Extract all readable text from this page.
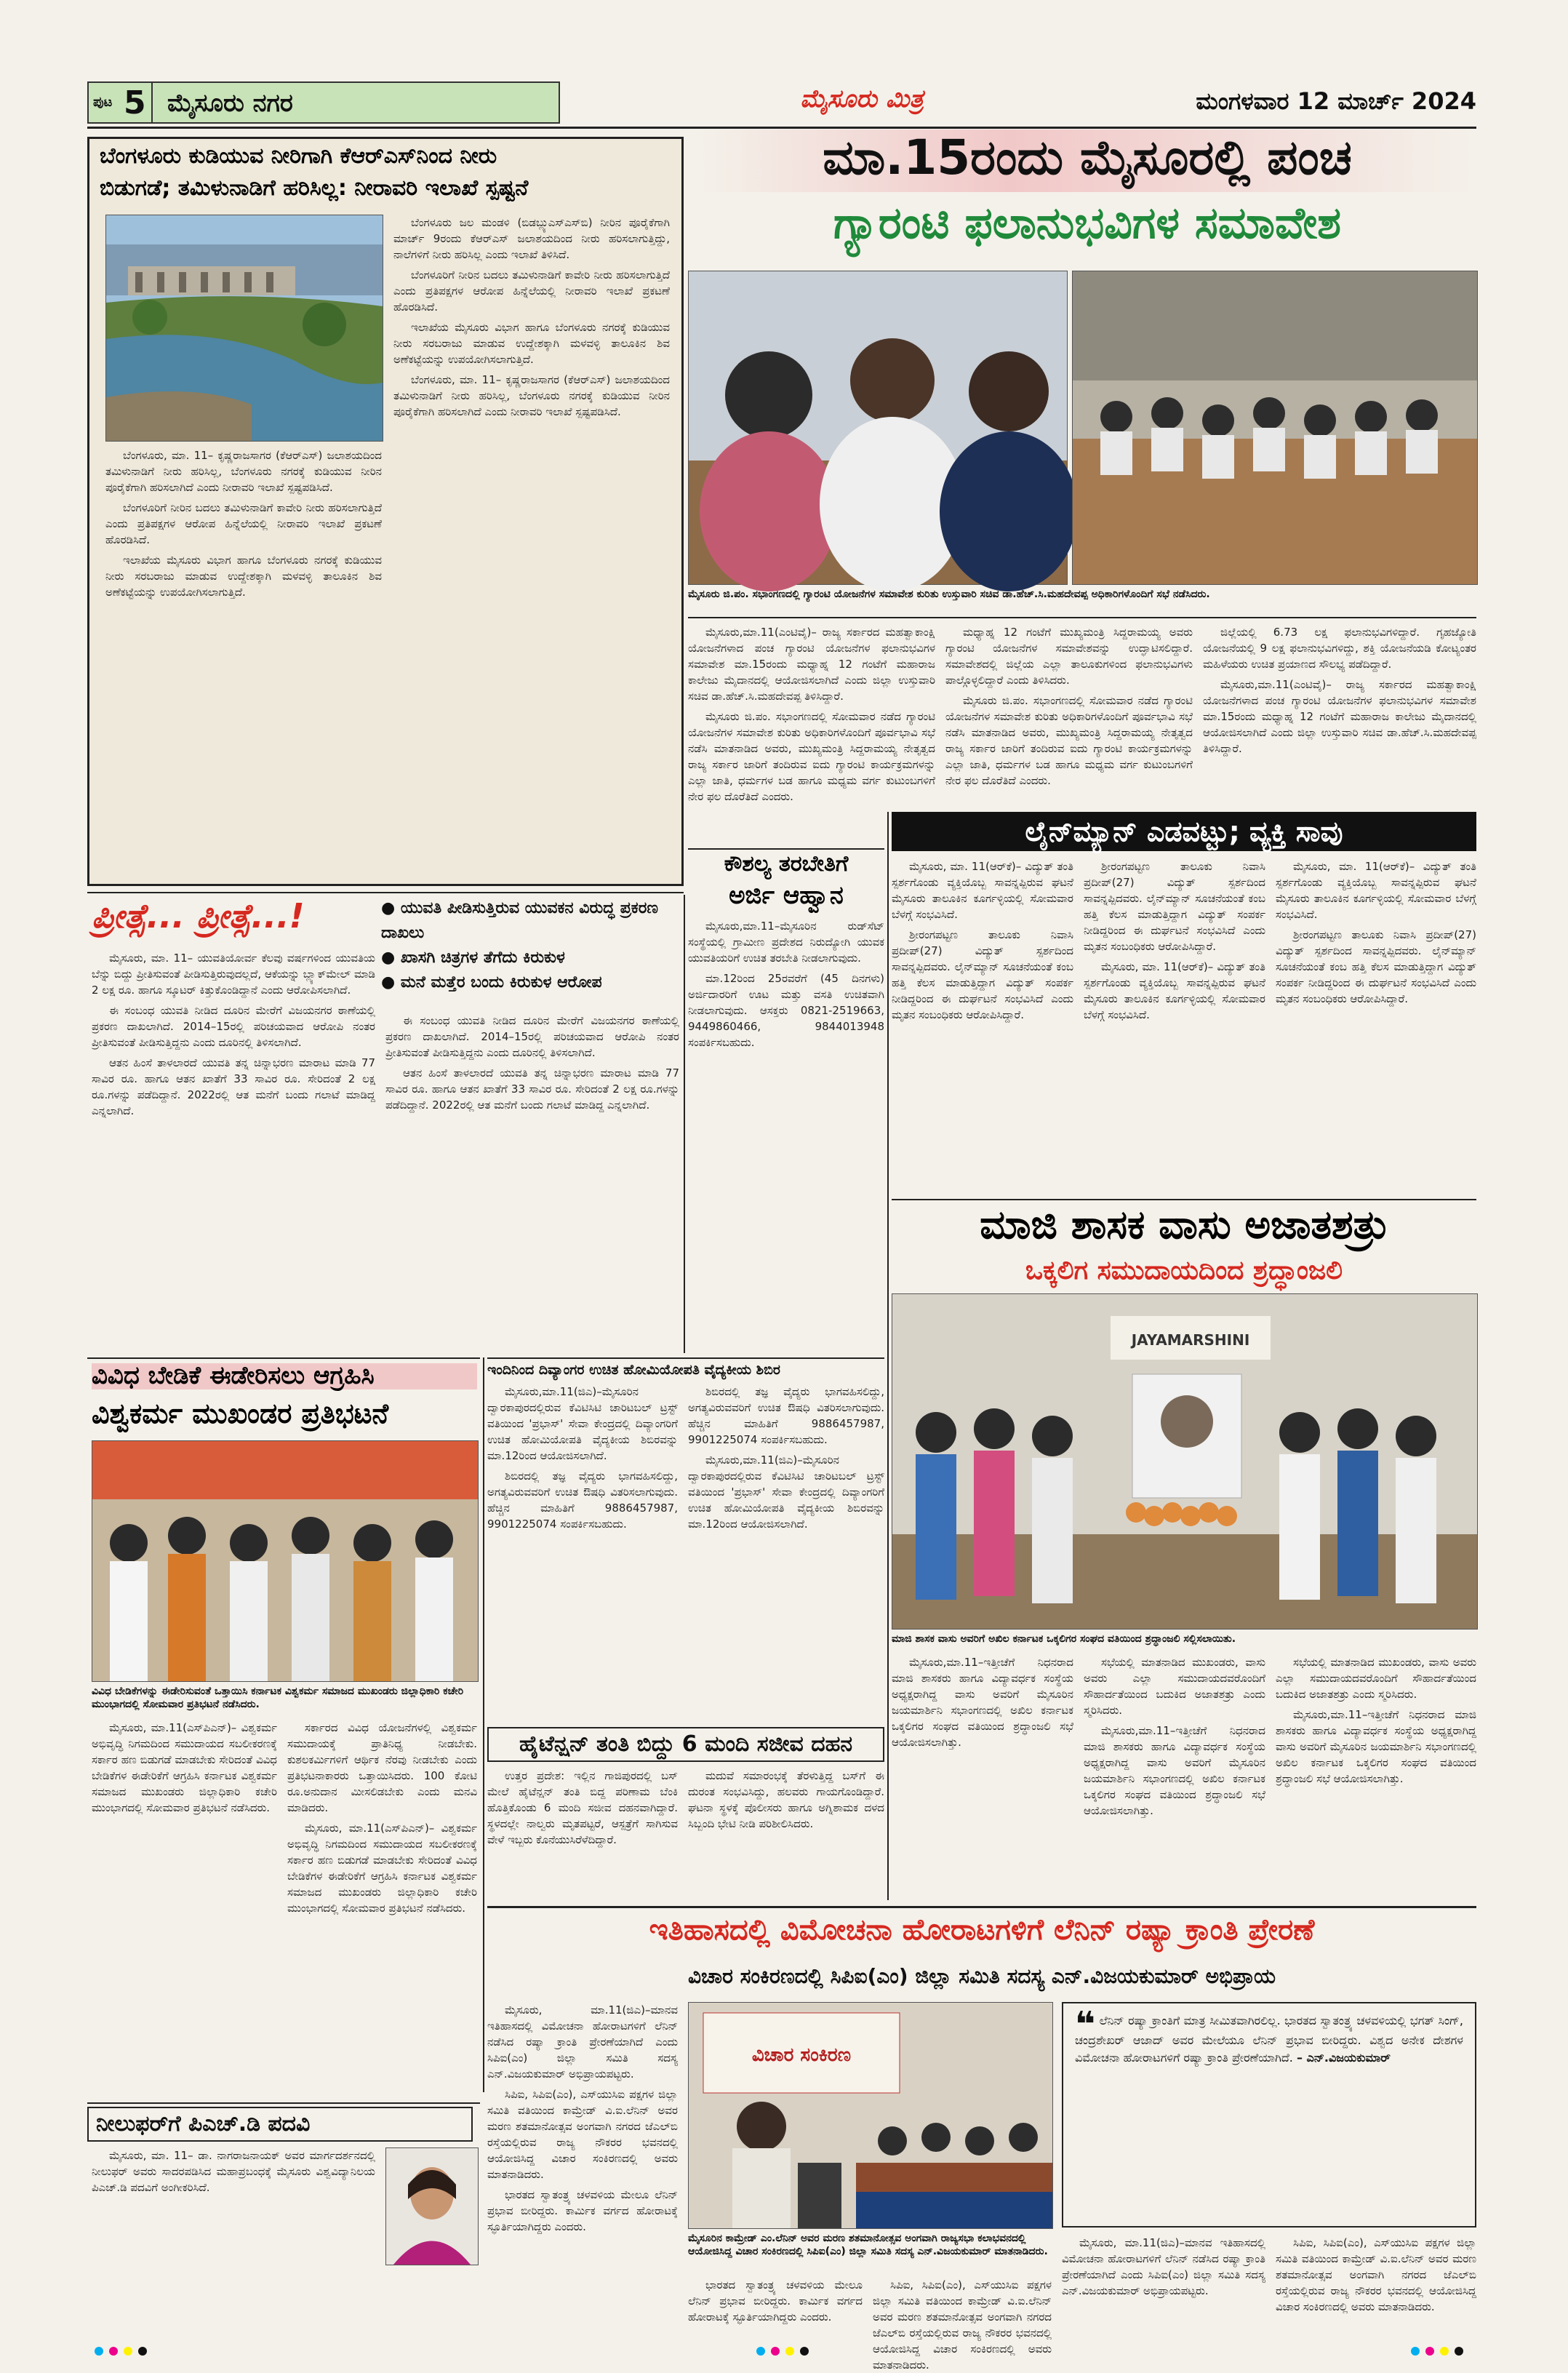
ಪುಟ 5 ಮೈಸೂರು ನಗರ	ಮೈಸೂರು ಮಿತ್ರ	ಮಂಗಳವಾರ 12 ಮಾರ್ಚ್ 2024
ಬೆಂಗಳೂರು ಕುಡಿಯುವ ನೀರಿಗಾಗಿ ಕೆಆರ್‌ಎಸ್‌ನಿಂದ ನೀರು
ಬಿಡುಗಡೆ; ತಮಿಳುನಾಡಿಗೆ ಹರಿಸಿಲ್ಲ: ನೀರಾವರಿ ಇಲಾಖೆ ಸ್ಪಷ್ಟನೆ

ಬೆಂಗಳೂರು, ಮಾ. 11– ಕೃಷ್ಣರಾಜಸಾಗರ (ಕೆಆರ್‌ಎಸ್) ಜಲಾಶಯದಿಂದ ತಮಿಳುನಾಡಿಗೆ ನೀರು ಹರಿಸಿಲ್ಲ, ಬೆಂಗಳೂರು ನಗರಕ್ಕೆ ಕುಡಿಯುವ ನೀರಿನ ಪೂರೈಕೆಗಾಗಿ ಹರಿಸಲಾಗಿದೆ ಎಂದು ನೀರಾವರಿ ಇಲಾಖೆ ಸ್ಪಷ್ಟಪಡಿಸಿದೆ.

ಬೆಂಗಳೂರಿಗೆ ನೀರಿನ ಬದಲು ತಮಿಳುನಾಡಿಗೆ ಕಾವೇರಿ ನೀರು ಹರಿಸಲಾಗುತ್ತಿದೆ ಎಂದು ಪ್ರತಿಪಕ್ಷಗಳ ಆರೋಪ ಹಿನ್ನೆಲೆಯಲ್ಲಿ ನೀರಾವರಿ ಇಲಾಖೆ ಪ್ರಕಟಣೆ ಹೊರಡಿಸಿದೆ.

ಇಲಾಖೆಯ ಮೈಸೂರು ವಿಭಾಗ ಹಾಗೂ ಬೆಂಗಳೂರು ನಗರಕ್ಕೆ ಕುಡಿಯುವ ನೀರು ಸರಬರಾಜು ಮಾಡುವ ಉದ್ದೇಶಕ್ಕಾಗಿ ಮಳವಳ್ಳಿ ತಾಲೂಕಿನ ಶಿವ ಅಣೆಕಟ್ಟೆಯನ್ನು ಉಪಯೋಗಿಸಲಾಗುತ್ತಿದೆ.

ಬೆಂಗಳೂರು ಜಲ ಮಂಡಳಿ (ಬಿಡಬ್ಲ್ಯುಎಸ್‌ಎಸ್‌ಬಿ) ನೀರಿನ ಪೂರೈಕೆಗಾಗಿ ಮಾರ್ಚ್ 9ರಂದು ಕೆಆರ್‌ಎಸ್ ಜಲಾಶಯದಿಂದ ನೀರು ಹರಿಸಲಾಗುತ್ತಿದ್ದು, ನಾಲೆಗಳಿಗೆ ನೀರು ಹರಿಸಿಲ್ಲ ಎಂದು ಇಲಾಖೆ ತಿಳಿಸಿದೆ.

ಬೆಂಗಳೂರಿಗೆ ನೀರಿನ ಬದಲು ತಮಿಳುನಾಡಿಗೆ ಕಾವೇರಿ ನೀರು ಹರಿಸಲಾಗುತ್ತಿದೆ ಎಂದು ಪ್ರತಿಪಕ್ಷಗಳ ಆರೋಪ ಹಿನ್ನೆಲೆಯಲ್ಲಿ ನೀರಾವರಿ ಇಲಾಖೆ ಪ್ರಕಟಣೆ ಹೊರಡಿಸಿದೆ.

ಇಲಾಖೆಯ ಮೈಸೂರು ವಿಭಾಗ ಹಾಗೂ ಬೆಂಗಳೂರು ನಗರಕ್ಕೆ ಕುಡಿಯುವ ನೀರು ಸರಬರಾಜು ಮಾಡುವ ಉದ್ದೇಶಕ್ಕಾಗಿ ಮಳವಳ್ಳಿ ತಾಲೂಕಿನ ಶಿವ ಅಣೆಕಟ್ಟೆಯನ್ನು ಉಪಯೋಗಿಸಲಾಗುತ್ತಿದೆ.

ಬೆಂಗಳೂರು, ಮಾ. 11– ಕೃಷ್ಣರಾಜಸಾಗರ (ಕೆಆರ್‌ಎಸ್) ಜಲಾಶಯದಿಂದ ತಮಿಳುನಾಡಿಗೆ ನೀರು ಹರಿಸಿಲ್ಲ, ಬೆಂಗಳೂರು ನಗರಕ್ಕೆ ಕುಡಿಯುವ ನೀರಿನ ಪೂರೈಕೆಗಾಗಿ ಹರಿಸಲಾಗಿದೆ ಎಂದು ನೀರಾವರಿ ಇಲಾಖೆ ಸ್ಪಷ್ಟಪಡಿಸಿದೆ.

ಮಾ.15ರಂದು ಮೈಸೂರಲ್ಲಿ ಪಂಚ
ಗ್ಯಾರಂಟಿ ಫಲಾನುಭವಿಗಳ ಸಮಾವೇಶ
ಮೈಸೂರು ಜಿ.ಪಂ. ಸಭಾಂಗಣದಲ್ಲಿ ಗ್ಯಾರಂಟಿ ಯೋಜನೆಗಳ ಸಮಾವೇಶ ಕುರಿತು ಉಸ್ತುವಾರಿ ಸಚಿವ ಡಾ.ಹೆಚ್.ಸಿ.ಮಹದೇವಪ್ಪ ಅಧಿಕಾರಿಗಳೊಂದಿಗೆ ಸಭೆ ನಡೆಸಿದರು.

ಮೈಸೂರು,ಮಾ.11(ಎಂಟಿವೈ)– ರಾಜ್ಯ ಸರ್ಕಾರದ ಮಹತ್ವಾಕಾಂಕ್ಷಿ ಯೋಜನೆಗಳಾದ ಪಂಚ ಗ್ಯಾರಂಟಿ ಯೋಜನೆಗಳ ಫಲಾನುಭವಿಗಳ ಸಮಾವೇಶ ಮಾ.15ರಂದು ಮಧ್ಯಾಹ್ನ 12 ಗಂಟೆಗೆ ಮಹಾರಾಜ ಕಾಲೇಜು ಮೈದಾನದಲ್ಲಿ ಆಯೋಜಿಸಲಾಗಿದೆ ಎಂದು ಜಿಲ್ಲಾ ಉಸ್ತುವಾರಿ ಸಚಿವ ಡಾ.ಹೆಚ್.ಸಿ.ಮಹದೇವಪ್ಪ ತಿಳಿಸಿದ್ದಾರೆ.

ಮೈಸೂರು ಜಿ.ಪಂ. ಸಭಾಂಗಣದಲ್ಲಿ ಸೋಮವಾರ ನಡೆದ ಗ್ಯಾರಂಟಿ ಯೋಜನೆಗಳ ಸಮಾವೇಶ ಕುರಿತು ಅಧಿಕಾರಿಗಳೊಂದಿಗೆ ಪೂರ್ವಭಾವಿ ಸಭೆ ನಡೆಸಿ ಮಾತನಾಡಿದ ಅವರು, ಮುಖ್ಯಮಂತ್ರಿ ಸಿದ್ದರಾಮಯ್ಯ ನೇತೃತ್ವದ ರಾಜ್ಯ ಸರ್ಕಾರ ಜಾರಿಗೆ ತಂದಿರುವ ಐದು ಗ್ಯಾರಂಟಿ ಕಾರ್ಯಕ್ರಮಗಳನ್ನು ಎಲ್ಲಾ ಜಾತಿ, ಧರ್ಮಗಳ ಬಡ ಹಾಗೂ ಮಧ್ಯಮ ವರ್ಗ ಕುಟುಂಬಗಳಿಗೆ ನೇರ ಫಲ ದೊರೆತಿದೆ ಎಂದರು.

ಮಧ್ಯಾಹ್ನ 12 ಗಂಟೆಗೆ ಮುಖ್ಯಮಂತ್ರಿ ಸಿದ್ದರಾಮಯ್ಯ ಅವರು ಗ್ಯಾರಂಟಿ ಯೋಜನೆಗಳ ಸಮಾವೇಶವನ್ನು ಉದ್ಘಾಟಿಸಲಿದ್ದಾರೆ. ಸಮಾವೇಶದಲ್ಲಿ ಜಿಲ್ಲೆಯ ಎಲ್ಲಾ ತಾಲೂಕುಗಳಿಂದ ಫಲಾನುಭವಿಗಳು ಪಾಲ್ಗೊಳ್ಳಲಿದ್ದಾರೆ ಎಂದು ತಿಳಿಸಿದರು.

ಮೈಸೂರು ಜಿ.ಪಂ. ಸಭಾಂಗಣದಲ್ಲಿ ಸೋಮವಾರ ನಡೆದ ಗ್ಯಾರಂಟಿ ಯೋಜನೆಗಳ ಸಮಾವೇಶ ಕುರಿತು ಅಧಿಕಾರಿಗಳೊಂದಿಗೆ ಪೂರ್ವಭಾವಿ ಸಭೆ ನಡೆಸಿ ಮಾತನಾಡಿದ ಅವರು, ಮುಖ್ಯಮಂತ್ರಿ ಸಿದ್ದರಾಮಯ್ಯ ನೇತೃತ್ವದ ರಾಜ್ಯ ಸರ್ಕಾರ ಜಾರಿಗೆ ತಂದಿರುವ ಐದು ಗ್ಯಾರಂಟಿ ಕಾರ್ಯಕ್ರಮಗಳನ್ನು ಎಲ್ಲಾ ಜಾತಿ, ಧರ್ಮಗಳ ಬಡ ಹಾಗೂ ಮಧ್ಯಮ ವರ್ಗ ಕುಟುಂಬಗಳಿಗೆ ನೇರ ಫಲ ದೊರೆತಿದೆ ಎಂದರು.

ಜಿಲ್ಲೆಯಲ್ಲಿ 6.73 ಲಕ್ಷ ಫಲಾನುಭವಿಗಳಿದ್ದಾರೆ. ಗೃಹಜ್ಯೋತಿ ಯೋಜನೆಯಲ್ಲಿ 9 ಲಕ್ಷ ಫಲಾನುಭವಿಗಳಿದ್ದು, ಶಕ್ತಿ ಯೋಜನೆಯಡಿ ಕೋಟ್ಯಂತರ ಮಹಿಳೆಯರು ಉಚಿತ ಪ್ರಯಾಣದ ಸೌಲಭ್ಯ ಪಡೆದಿದ್ದಾರೆ.

ಮೈಸೂರು,ಮಾ.11(ಎಂಟಿವೈ)– ರಾಜ್ಯ ಸರ್ಕಾರದ ಮಹತ್ವಾಕಾಂಕ್ಷಿ ಯೋಜನೆಗಳಾದ ಪಂಚ ಗ್ಯಾರಂಟಿ ಯೋಜನೆಗಳ ಫಲಾನುಭವಿಗಳ ಸಮಾವೇಶ ಮಾ.15ರಂದು ಮಧ್ಯಾಹ್ನ 12 ಗಂಟೆಗೆ ಮಹಾರಾಜ ಕಾಲೇಜು ಮೈದಾನದಲ್ಲಿ ಆಯೋಜಿಸಲಾಗಿದೆ ಎಂದು ಜಿಲ್ಲಾ ಉಸ್ತುವಾರಿ ಸಚಿವ ಡಾ.ಹೆಚ್.ಸಿ.ಮಹದೇವಪ್ಪ ತಿಳಿಸಿದ್ದಾರೆ.

ಕೌಶಲ್ಯ ತರಬೇತಿಗೆ
ಅರ್ಜಿ ಆಹ್ವಾನ

ಮೈಸೂರು,ಮಾ.11–ಮೈಸೂರಿನ ರುಡ್‌ಸೆಟ್ ಸಂಸ್ಥೆಯಲ್ಲಿ ಗ್ರಾಮೀಣ ಪ್ರದೇಶದ ನಿರುದ್ಯೋಗಿ ಯುವಕ ಯುವತಿಯರಿಗೆ ಉಚಿತ ತರಬೇತಿ ನೀಡಲಾಗುವುದು.

ಮಾ.12ರಿಂದ 25ರವರೆಗೆ (45 ದಿನಗಳು) ಅರ್ಜಿದಾರರಿಗೆ ಊಟ ಮತ್ತು ವಸತಿ ಉಚಿತವಾಗಿ ನೀಡಲಾಗುವುದು. ಆಸಕ್ತರು 0821-2519663, 9449860466, 9844013948 ಸಂಪರ್ಕಿಸಬಹುದು.

ಲೈನ್‌ಮ್ಯಾನ್ ಎಡವಟ್ಟು; ವ್ಯಕ್ತಿ ಸಾವು

ಮೈಸೂರು, ಮಾ. 11(ಆರ್‌ಕೆ)– ವಿದ್ಯುತ್ ತಂತಿ ಸ್ಪರ್ಶಗೊಂಡು ವ್ಯಕ್ತಿಯೊಬ್ಬ ಸಾವನ್ನಪ್ಪಿರುವ ಘಟನೆ ಮೈಸೂರು ತಾಲೂಕಿನ ಕೂರ್ಗಳ್ಳಿಯಲ್ಲಿ ಸೋಮವಾರ ಬೆಳಗ್ಗೆ ಸಂಭವಿಸಿದೆ.

ಶ್ರೀರಂಗಪಟ್ಟಣ ತಾಲೂಕು ನಿವಾಸಿ ಪ್ರದೀಪ್(27) ವಿದ್ಯುತ್ ಸ್ಪರ್ಶದಿಂದ ಸಾವನ್ನಪ್ಪಿದವರು. ಲೈನ್‌ಮ್ಯಾನ್ ಸೂಚನೆಯಂತೆ ಕಂಬ ಹತ್ತಿ ಕೆಲಸ ಮಾಡುತ್ತಿದ್ದಾಗ ವಿದ್ಯುತ್ ಸಂಪರ್ಕ ನೀಡಿದ್ದರಿಂದ ಈ ದುರ್ಘಟನೆ ಸಂಭವಿಸಿದೆ ಎಂದು ಮೃತನ ಸಂಬಂಧಿಕರು ಆರೋಪಿಸಿದ್ದಾರೆ.

ಶ್ರೀರಂಗಪಟ್ಟಣ ತಾಲೂಕು ನಿವಾಸಿ ಪ್ರದೀಪ್(27) ವಿದ್ಯುತ್ ಸ್ಪರ್ಶದಿಂದ ಸಾವನ್ನಪ್ಪಿದವರು. ಲೈನ್‌ಮ್ಯಾನ್ ಸೂಚನೆಯಂತೆ ಕಂಬ ಹತ್ತಿ ಕೆಲಸ ಮಾಡುತ್ತಿದ್ದಾಗ ವಿದ್ಯುತ್ ಸಂಪರ್ಕ ನೀಡಿದ್ದರಿಂದ ಈ ದುರ್ಘಟನೆ ಸಂಭವಿಸಿದೆ ಎಂದು ಮೃತನ ಸಂಬಂಧಿಕರು ಆರೋಪಿಸಿದ್ದಾರೆ.

ಮೈಸೂರು, ಮಾ. 11(ಆರ್‌ಕೆ)– ವಿದ್ಯುತ್ ತಂತಿ ಸ್ಪರ್ಶಗೊಂಡು ವ್ಯಕ್ತಿಯೊಬ್ಬ ಸಾವನ್ನಪ್ಪಿರುವ ಘಟನೆ ಮೈಸೂರು ತಾಲೂಕಿನ ಕೂರ್ಗಳ್ಳಿಯಲ್ಲಿ ಸೋಮವಾರ ಬೆಳಗ್ಗೆ ಸಂಭವಿಸಿದೆ.

ಮೈಸೂರು, ಮಾ. 11(ಆರ್‌ಕೆ)– ವಿದ್ಯುತ್ ತಂತಿ ಸ್ಪರ್ಶಗೊಂಡು ವ್ಯಕ್ತಿಯೊಬ್ಬ ಸಾವನ್ನಪ್ಪಿರುವ ಘಟನೆ ಮೈಸೂರು ತಾಲೂಕಿನ ಕೂರ್ಗಳ್ಳಿಯಲ್ಲಿ ಸೋಮವಾರ ಬೆಳಗ್ಗೆ ಸಂಭವಿಸಿದೆ.

ಶ್ರೀರಂಗಪಟ್ಟಣ ತಾಲೂಕು ನಿವಾಸಿ ಪ್ರದೀಪ್(27) ವಿದ್ಯುತ್ ಸ್ಪರ್ಶದಿಂದ ಸಾವನ್ನಪ್ಪಿದವರು. ಲೈನ್‌ಮ್ಯಾನ್ ಸೂಚನೆಯಂತೆ ಕಂಬ ಹತ್ತಿ ಕೆಲಸ ಮಾಡುತ್ತಿದ್ದಾಗ ವಿದ್ಯುತ್ ಸಂಪರ್ಕ ನೀಡಿದ್ದರಿಂದ ಈ ದುರ್ಘಟನೆ ಸಂಭವಿಸಿದೆ ಎಂದು ಮೃತನ ಸಂಬಂಧಿಕರು ಆರೋಪಿಸಿದ್ದಾರೆ.

ಮಾಜಿ ಶಾಸಕ ವಾಸು ಅಜಾತಶತ್ರು
ಒಕ್ಕಲಿಗ ಸಮುದಾಯದಿಂದ ಶ್ರದ್ಧಾಂಜಲಿ
JAYAMARSHINI
ಮಾಜಿ ಶಾಸಕ ವಾಸು ಅವರಿಗೆ ಅಖಿಲ ಕರ್ನಾಟಕ ಒಕ್ಕಲಿಗರ ಸಂಘದ ವತಿಯಿಂದ ಶ್ರದ್ಧಾಂಜಲಿ ಸಲ್ಲಿಸಲಾಯಿತು.

ಮೈಸೂರು,ಮಾ.11–ಇತ್ತೀಚೆಗೆ ನಿಧನರಾದ ಮಾಜಿ ಶಾಸಕರು ಹಾಗೂ ವಿದ್ಯಾವರ್ಧಕ ಸಂಸ್ಥೆಯ ಅಧ್ಯಕ್ಷರಾಗಿದ್ದ ವಾಸು ಅವರಿಗೆ ಮೈಸೂರಿನ ಜಯಮಾರ್ಶಿನಿ ಸಭಾಂಗಣದಲ್ಲಿ ಅಖಿಲ ಕರ್ನಾಟಕ ಒಕ್ಕಲಿಗರ ಸಂಘದ ವತಿಯಿಂದ ಶ್ರದ್ಧಾಂಜಲಿ ಸಭೆ ಆಯೋಜಿಸಲಾಗಿತ್ತು.

ಸಭೆಯಲ್ಲಿ ಮಾತನಾಡಿದ ಮುಖಂಡರು, ವಾಸು ಅವರು ಎಲ್ಲಾ ಸಮುದಾಯದವರೊಂದಿಗೆ ಸೌಹಾರ್ದತೆಯಿಂದ ಬದುಕಿದ ಅಜಾತಶತ್ರು ಎಂದು ಸ್ಮರಿಸಿದರು.

ಮೈಸೂರು,ಮಾ.11–ಇತ್ತೀಚೆಗೆ ನಿಧನರಾದ ಮಾಜಿ ಶಾಸಕರು ಹಾಗೂ ವಿದ್ಯಾವರ್ಧಕ ಸಂಸ್ಥೆಯ ಅಧ್ಯಕ್ಷರಾಗಿದ್ದ ವಾಸು ಅವರಿಗೆ ಮೈಸೂರಿನ ಜಯಮಾರ್ಶಿನಿ ಸಭಾಂಗಣದಲ್ಲಿ ಅಖಿಲ ಕರ್ನಾಟಕ ಒಕ್ಕಲಿಗರ ಸಂಘದ ವತಿಯಿಂದ ಶ್ರದ್ಧಾಂಜಲಿ ಸಭೆ ಆಯೋಜಿಸಲಾಗಿತ್ತು.

ಸಭೆಯಲ್ಲಿ ಮಾತನಾಡಿದ ಮುಖಂಡರು, ವಾಸು ಅವರು ಎಲ್ಲಾ ಸಮುದಾಯದವರೊಂದಿಗೆ ಸೌಹಾರ್ದತೆಯಿಂದ ಬದುಕಿದ ಅಜಾತಶತ್ರು ಎಂದು ಸ್ಮರಿಸಿದರು.

ಮೈಸೂರು,ಮಾ.11–ಇತ್ತೀಚೆಗೆ ನಿಧನರಾದ ಮಾಜಿ ಶಾಸಕರು ಹಾಗೂ ವಿದ್ಯಾವರ್ಧಕ ಸಂಸ್ಥೆಯ ಅಧ್ಯಕ್ಷರಾಗಿದ್ದ ವಾಸು ಅವರಿಗೆ ಮೈಸೂರಿನ ಜಯಮಾರ್ಶಿನಿ ಸಭಾಂಗಣದಲ್ಲಿ ಅಖಿಲ ಕರ್ನಾಟಕ ಒಕ್ಕಲಿಗರ ಸಂಘದ ವತಿಯಿಂದ ಶ್ರದ್ಧಾಂಜಲಿ ಸಭೆ ಆಯೋಜಿಸಲಾಗಿತ್ತು.

ಪ್ರೀತ್ಸೆ... ಪ್ರೀತ್ಸೆ...!	● ಯುವತಿ ಪೀಡಿಸುತ್ತಿರುವ ಯುವಕನ ವಿರುದ್ಧ ಪ್ರಕರಣ ದಾಖಲು
● ಖಾಸಗಿ ಚಿತ್ರಗಳ ತೆಗೆದು ಕಿರುಕುಳ
● ಮನೆ ಮತ್ತೆರ ಬಂದು ಕಿರುಕುಳ ಆರೋಪ

ಮೈಸೂರು, ಮಾ. 11– ಯುವತಿಯೋರ್ವ ಕೆಲವು ವರ್ಷಗಳಿಂದ ಯುವತಿಯ ಬೆನ್ನು ಬಿದ್ದು ಪ್ರೀತಿಸುವಂತೆ ಪೀಡಿಸುತ್ತಿರುವುದಲ್ಲದೆ, ಆಕೆಯನ್ನು ಬ್ಲ್ಯಾಕ್‌ಮೇಲ್ ಮಾಡಿ 2 ಲಕ್ಷ ರೂ. ಹಾಗೂ ಸ್ಕೂಟರ್ ಕಿತ್ತುಕೊಂಡಿದ್ದಾನೆ ಎಂದು ಆರೋಪಿಸಲಾಗಿದೆ.

ಈ ಸಂಬಂಧ ಯುವತಿ ನೀಡಿದ ದೂರಿನ ಮೇರೆಗೆ ವಿಜಯನಗರ ಠಾಣೆಯಲ್ಲಿ ಪ್ರಕರಣ ದಾಖಲಾಗಿದೆ. 2014–15ರಲ್ಲಿ ಪರಿಚಯವಾದ ಆರೋಪಿ ನಂತರ ಪ್ರೀತಿಸುವಂತೆ ಪೀಡಿಸುತ್ತಿದ್ದನು ಎಂದು ದೂರಿನಲ್ಲಿ ತಿಳಿಸಲಾಗಿದೆ.

ಆತನ ಹಿಂಸೆ ತಾಳಲಾರದೆ ಯುವತಿ ತನ್ನ ಚಿನ್ನಾಭರಣ ಮಾರಾಟ ಮಾಡಿ 77 ಸಾವಿರ ರೂ. ಹಾಗೂ ಆತನ ಖಾತೆಗೆ 33 ಸಾವಿರ ರೂ. ಸೇರಿದಂತೆ 2 ಲಕ್ಷ ರೂ.ಗಳನ್ನು ಪಡೆದಿದ್ದಾನೆ. 2022ರಲ್ಲಿ ಆತ ಮನೆಗೆ ಬಂದು ಗಲಾಟೆ ಮಾಡಿದ್ದ ಎನ್ನಲಾಗಿದೆ.

ಈ ಸಂಬಂಧ ಯುವತಿ ನೀಡಿದ ದೂರಿನ ಮೇರೆಗೆ ವಿಜಯನಗರ ಠಾಣೆಯಲ್ಲಿ ಪ್ರಕರಣ ದಾಖಲಾಗಿದೆ. 2014–15ರಲ್ಲಿ ಪರಿಚಯವಾದ ಆರೋಪಿ ನಂತರ ಪ್ರೀತಿಸುವಂತೆ ಪೀಡಿಸುತ್ತಿದ್ದನು ಎಂದು ದೂರಿನಲ್ಲಿ ತಿಳಿಸಲಾಗಿದೆ.

ಆತನ ಹಿಂಸೆ ತಾಳಲಾರದೆ ಯುವತಿ ತನ್ನ ಚಿನ್ನಾಭರಣ ಮಾರಾಟ ಮಾಡಿ 77 ಸಾವಿರ ರೂ. ಹಾಗೂ ಆತನ ಖಾತೆಗೆ 33 ಸಾವಿರ ರೂ. ಸೇರಿದಂತೆ 2 ಲಕ್ಷ ರೂ.ಗಳನ್ನು ಪಡೆದಿದ್ದಾನೆ. 2022ರಲ್ಲಿ ಆತ ಮನೆಗೆ ಬಂದು ಗಲಾಟೆ ಮಾಡಿದ್ದ ಎನ್ನಲಾಗಿದೆ.

ವಿವಿಧ ಬೇಡಿಕೆ ಈಡೇರಿಸಲು ಆಗ್ರಹಿಸಿ
ವಿಶ್ವಕರ್ಮ ಮುಖಂಡರ ಪ್ರತಿಭಟನೆ
ವಿವಿಧ ಬೇಡಿಕೆಗಳನ್ನು ಈಡೇರಿಸುವಂತೆ ಒತ್ತಾಯಿಸಿ ಕರ್ನಾಟಕ ವಿಶ್ವಕರ್ಮ ಸಮಾಜದ ಮುಖಂಡರು ಜಿಲ್ಲಾಧಿಕಾರಿ ಕಚೇರಿ ಮುಂಭಾಗದಲ್ಲಿ ಸೋಮವಾರ ಪ್ರತಿಭಟನೆ ನಡೆಸಿದರು.

ಮೈಸೂರು, ಮಾ.11(ಎಸ್‌ಪಿಎನ್)– ವಿಶ್ವಕರ್ಮ ಅಭಿವೃದ್ಧಿ ನಿಗಮದಿಂದ ಸಮುದಾಯದ ಸಬಲೀಕರಣಕ್ಕೆ ಸರ್ಕಾರ ಹಣ ಬಿಡುಗಡೆ ಮಾಡಬೇಕು ಸೇರಿದಂತೆ ವಿವಿಧ ಬೇಡಿಕೆಗಳ ಈಡೇರಿಕೆಗೆ ಆಗ್ರಹಿಸಿ ಕರ್ನಾಟಕ ವಿಶ್ವಕರ್ಮ ಸಮಾಜದ ಮುಖಂಡರು ಜಿಲ್ಲಾಧಿಕಾರಿ ಕಚೇರಿ ಮುಂಭಾಗದಲ್ಲಿ ಸೋಮವಾರ ಪ್ರತಿಭಟನೆ ನಡೆಸಿದರು.

ಸರ್ಕಾರದ ವಿವಿಧ ಯೋಜನೆಗಳಲ್ಲಿ ವಿಶ್ವಕರ್ಮ ಸಮುದಾಯಕ್ಕೆ ಪ್ರಾತಿನಿಧ್ಯ ನೀಡಬೇಕು. ಕುಶಲಕರ್ಮಿಗಳಿಗೆ ಆರ್ಥಿಕ ನೆರವು ನೀಡಬೇಕು ಎಂದು ಪ್ರತಿಭಟನಾಕಾರರು ಒತ್ತಾಯಿಸಿದರು. 100 ಕೋಟಿ ರೂ.ಅನುದಾನ ಮೀಸಲಿಡಬೇಕು ಎಂದು ಮನವಿ ಮಾಡಿದರು.

ಮೈಸೂರು, ಮಾ.11(ಎಸ್‌ಪಿಎನ್)– ವಿಶ್ವಕರ್ಮ ಅಭಿವೃದ್ಧಿ ನಿಗಮದಿಂದ ಸಮುದಾಯದ ಸಬಲೀಕರಣಕ್ಕೆ ಸರ್ಕಾರ ಹಣ ಬಿಡುಗಡೆ ಮಾಡಬೇಕು ಸೇರಿದಂತೆ ವಿವಿಧ ಬೇಡಿಕೆಗಳ ಈಡೇರಿಕೆಗೆ ಆಗ್ರಹಿಸಿ ಕರ್ನಾಟಕ ವಿಶ್ವಕರ್ಮ ಸಮಾಜದ ಮುಖಂಡರು ಜಿಲ್ಲಾಧಿಕಾರಿ ಕಚೇರಿ ಮುಂಭಾಗದಲ್ಲಿ ಸೋಮವಾರ ಪ್ರತಿಭಟನೆ ನಡೆಸಿದರು.

ಇಂದಿನಿಂದ ದಿವ್ಯಾಂಗರ ಉಚಿತ ಹೋಮಿಯೋಪತಿ ವೈದ್ಯಕೀಯ ಶಿಬಿರ

ಮೈಸೂರು,ಮಾ.11(ಜಿಎ)–ಮೈಸೂರಿನ ದ್ವಾರಕಾಪುರದಲ್ಲಿರುವ ಕೆವಿಟಿಸಿಟಿ ಚಾರಿಟಬಲ್ ಟ್ರಸ್ಟ್ ವತಿಯಿಂದ 'ಪ್ರಭಾಸ್' ಸೇವಾ ಕೇಂದ್ರದಲ್ಲಿ ದಿವ್ಯಾಂಗರಿಗೆ ಉಚಿತ ಹೋಮಿಯೋಪತಿ ವೈದ್ಯಕೀಯ ಶಿಬಿರವನ್ನು ಮಾ.12ರಿಂದ ಆಯೋಜಿಸಲಾಗಿದೆ.

ಶಿಬಿರದಲ್ಲಿ ತಜ್ಞ ವೈದ್ಯರು ಭಾಗವಹಿಸಲಿದ್ದು, ಅಗತ್ಯವಿರುವವರಿಗೆ ಉಚಿತ ಔಷಧಿ ವಿತರಿಸಲಾಗುವುದು. ಹೆಚ್ಚಿನ ಮಾಹಿತಿಗೆ 9886457987, 9901225074 ಸಂಪರ್ಕಿಸಬಹುದು.

ಶಿಬಿರದಲ್ಲಿ ತಜ್ಞ ವೈದ್ಯರು ಭಾಗವಹಿಸಲಿದ್ದು, ಅಗತ್ಯವಿರುವವರಿಗೆ ಉಚಿತ ಔಷಧಿ ವಿತರಿಸಲಾಗುವುದು. ಹೆಚ್ಚಿನ ಮಾಹಿತಿಗೆ 9886457987, 9901225074 ಸಂಪರ್ಕಿಸಬಹುದು.

ಮೈಸೂರು,ಮಾ.11(ಜಿಎ)–ಮೈಸೂರಿನ ದ್ವಾರಕಾಪುರದಲ್ಲಿರುವ ಕೆವಿಟಿಸಿಟಿ ಚಾರಿಟಬಲ್ ಟ್ರಸ್ಟ್ ವತಿಯಿಂದ 'ಪ್ರಭಾಸ್' ಸೇವಾ ಕೇಂದ್ರದಲ್ಲಿ ದಿವ್ಯಾಂಗರಿಗೆ ಉಚಿತ ಹೋಮಿಯೋಪತಿ ವೈದ್ಯಕೀಯ ಶಿಬಿರವನ್ನು ಮಾ.12ರಿಂದ ಆಯೋಜಿಸಲಾಗಿದೆ.

ಹೈಟೆನ್ಷನ್ ತಂತಿ ಬಿದ್ದು 6 ಮಂದಿ ಸಜೀವ ದಹನ

ಉತ್ತರ ಪ್ರದೇಶ: ಇಲ್ಲಿನ ಗಾಜಿಪುರದಲ್ಲಿ ಬಸ್ ಮೇಲೆ ಹೈಟೆನ್ಷನ್ ತಂತಿ ಬಿದ್ದ ಪರಿಣಾಮ ಬೆಂಕಿ ಹೊತ್ತಿಕೊಂಡು 6 ಮಂದಿ ಸಜೀವ ದಹನವಾಗಿದ್ದಾರೆ. ಸ್ಥಳದಲ್ಲೇ ನಾಲ್ವರು ಮೃತಪಟ್ಟರೆ, ಆಸ್ಪತ್ರೆಗೆ ಸಾಗಿಸುವ ವೇಳೆ ಇಬ್ಬರು ಕೊನೆಯುಸಿರೆಳೆದಿದ್ದಾರೆ.

ಮದುವೆ ಸಮಾರಂಭಕ್ಕೆ ತೆರಳುತ್ತಿದ್ದ ಬಸ್‌ಗೆ ಈ ದುರಂತ ಸಂಭವಿಸಿದ್ದು, ಹಲವರು ಗಾಯಗೊಂಡಿದ್ದಾರೆ. ಘಟನಾ ಸ್ಥಳಕ್ಕೆ ಪೊಲೀಸರು ಹಾಗೂ ಅಗ್ನಿಶಾಮಕ ದಳದ ಸಿಬ್ಬಂದಿ ಭೇಟಿ ನೀಡಿ ಪರಿಶೀಲಿಸಿದರು.

ಇತಿಹಾಸದಲ್ಲಿ ವಿಮೋಚನಾ ಹೋರಾಟಗಳಿಗೆ ಲೆನಿನ್ ರಷ್ಯಾ ಕ್ರಾಂತಿ ಪ್ರೇರಣೆ
ವಿಚಾರ ಸಂಕಿರಣದಲ್ಲಿ ಸಿಪಿಐ(ಎಂ) ಜಿಲ್ಲಾ ಸಮಿತಿ ಸದಸ್ಯ ಎನ್.ವಿಜಯಕುಮಾರ್ ಅಭಿಪ್ರಾಯ

ಮೈಸೂರು, ಮಾ.11(ಜಿಎ)–ಮಾನವ ಇತಿಹಾಸದಲ್ಲಿ ವಿಮೋಚನಾ ಹೋರಾಟಗಳಿಗೆ ಲೆನಿನ್ ನಡೆಸಿದ ರಷ್ಯಾ ಕ್ರಾಂತಿ ಪ್ರೇರಣೆಯಾಗಿದೆ ಎಂದು ಸಿಪಿಐ(ಎಂ) ಜಿಲ್ಲಾ ಸಮಿತಿ ಸದಸ್ಯ ಎನ್.ವಿಜಯಕುಮಾರ್ ಅಭಿಪ್ರಾಯಪಟ್ಟರು.

ಸಿಪಿಐ, ಸಿಪಿಐ(ಎಂ), ಎಸ್‌ಯುಸಿಐ ಪಕ್ಷಗಳ ಜಿಲ್ಲಾ ಸಮಿತಿ ವತಿಯಿಂದ ಕಾಮ್ರೇಡ್ ವಿ.ಐ.ಲೆನಿನ್ ಅವರ ಮರಣ ಶತಮಾನೋತ್ಸವ ಅಂಗವಾಗಿ ನಗರದ ಜೆಎಲ್‌ಬಿ ರಸ್ತೆಯಲ್ಲಿರುವ ರಾಜ್ಯ ನೌಕರರ ಭವನದಲ್ಲಿ ಆಯೋಜಿಸಿದ್ದ ವಿಚಾರ ಸಂಕಿರಣದಲ್ಲಿ ಅವರು ಮಾತನಾಡಿದರು.

ಭಾರತದ ಸ್ವಾತಂತ್ರ್ಯ ಚಳವಳಿಯ ಮೇಲೂ ಲೆನಿನ್ ಪ್ರಭಾವ ಬೀರಿದ್ದರು. ಕಾರ್ಮಿಕ ವರ್ಗದ ಹೋರಾಟಕ್ಕೆ ಸ್ಫೂರ್ತಿಯಾಗಿದ್ದರು ಎಂದರು.

ವಿಚಾರ ಸಂಕಿರಣ
ಮೈಸೂರಿನ ಕಾಮ್ರೇಡ್ ಎಂ.ಲೆನಿನ್ ಅವರ ಮರಣ ಶತಮಾನೋತ್ಸವ ಅಂಗವಾಗಿ ರಾಜ್ಯಸಭಾ ಕಲಾಭವನದಲ್ಲಿ ಆಯೋಜಿಸಿದ್ದ ವಿಚಾರ ಸಂಕಿರಣದಲ್ಲಿ ಸಿಪಿಐ(ಎಂ) ಜಿಲ್ಲಾ ಸಮಿತಿ ಸದಸ್ಯ ಎನ್.ವಿಜಯಕುಮಾರ್ ಮಾತನಾಡಿದರು.

ಭಾರತದ ಸ್ವಾತಂತ್ರ್ಯ ಚಳವಳಿಯ ಮೇಲೂ ಲೆನಿನ್ ಪ್ರಭಾವ ಬೀರಿದ್ದರು. ಕಾರ್ಮಿಕ ವರ್ಗದ ಹೋರಾಟಕ್ಕೆ ಸ್ಫೂರ್ತಿಯಾಗಿದ್ದರು ಎಂದರು.

ಸಿಪಿಐ, ಸಿಪಿಐ(ಎಂ), ಎಸ್‌ಯುಸಿಐ ಪಕ್ಷಗಳ ಜಿಲ್ಲಾ ಸಮಿತಿ ವತಿಯಿಂದ ಕಾಮ್ರೇಡ್ ವಿ.ಐ.ಲೆನಿನ್ ಅವರ ಮರಣ ಶತಮಾನೋತ್ಸವ ಅಂಗವಾಗಿ ನಗರದ ಜೆಎಲ್‌ಬಿ ರಸ್ತೆಯಲ್ಲಿರುವ ರಾಜ್ಯ ನೌಕರರ ಭವನದಲ್ಲಿ ಆಯೋಜಿಸಿದ್ದ ವಿಚಾರ ಸಂಕಿರಣದಲ್ಲಿ ಅವರು ಮಾತನಾಡಿದರು.

❝ ಲೆನಿನ್ ರಷ್ಯಾ ಕ್ರಾಂತಿಗೆ ಮಾತ್ರ ಸೀಮಿತವಾಗಿರಲಿಲ್ಲ. ಭಾರತದ ಸ್ವಾತಂತ್ರ್ಯ ಚಳವಳಿಯಲ್ಲಿ ಭಗತ್ ಸಿಂಗ್, ಚಂದ್ರಶೇಖರ್ ಆಜಾದ್ ಅವರ ಮೇಲೆಯೂ ಲೆನಿನ್ ಪ್ರಭಾವ ಬೀರಿದ್ದರು. ವಿಶ್ವದ ಅನೇಕ ದೇಶಗಳ ವಿಮೋಚನಾ ಹೋರಾಟಗಳಿಗೆ ರಷ್ಯಾ ಕ್ರಾಂತಿ ಪ್ರೇರಣೆಯಾಗಿದೆ. – ಎನ್.ವಿಜಯಕುಮಾರ್

ಮೈಸೂರು, ಮಾ.11(ಜಿಎ)–ಮಾನವ ಇತಿಹಾಸದಲ್ಲಿ ವಿಮೋಚನಾ ಹೋರಾಟಗಳಿಗೆ ಲೆನಿನ್ ನಡೆಸಿದ ರಷ್ಯಾ ಕ್ರಾಂತಿ ಪ್ರೇರಣೆಯಾಗಿದೆ ಎಂದು ಸಿಪಿಐ(ಎಂ) ಜಿಲ್ಲಾ ಸಮಿತಿ ಸದಸ್ಯ ಎನ್.ವಿಜಯಕುಮಾರ್ ಅಭಿಪ್ರಾಯಪಟ್ಟರು.

ಸಿಪಿಐ, ಸಿಪಿಐ(ಎಂ), ಎಸ್‌ಯುಸಿಐ ಪಕ್ಷಗಳ ಜಿಲ್ಲಾ ಸಮಿತಿ ವತಿಯಿಂದ ಕಾಮ್ರೇಡ್ ವಿ.ಐ.ಲೆನಿನ್ ಅವರ ಮರಣ ಶತಮಾನೋತ್ಸವ ಅಂಗವಾಗಿ ನಗರದ ಜೆಎಲ್‌ಬಿ ರಸ್ತೆಯಲ್ಲಿರುವ ರಾಜ್ಯ ನೌಕರರ ಭವನದಲ್ಲಿ ಆಯೋಜಿಸಿದ್ದ ವಿಚಾರ ಸಂಕಿರಣದಲ್ಲಿ ಅವರು ಮಾತನಾಡಿದರು.

ನೀಲುಫರ್‌ಗೆ ಪಿಎಚ್.ಡಿ ಪದವಿ

ಮೈಸೂರು, ಮಾ. 11– ಡಾ. ನಾಗರಾಜನಾಯಕ್ ಅವರ ಮಾರ್ಗದರ್ಶನದಲ್ಲಿ ನೀಲುಫರ್ ಅವರು ಸಾದರಪಡಿಸಿದ ಮಹಾಪ್ರಬಂಧಕ್ಕೆ ಮೈಸೂರು ವಿಶ್ವವಿದ್ಯಾನಿಲಯ ಪಿಎಚ್.ಡಿ ಪದವಿಗೆ ಅಂಗೀಕರಿಸಿದೆ.
